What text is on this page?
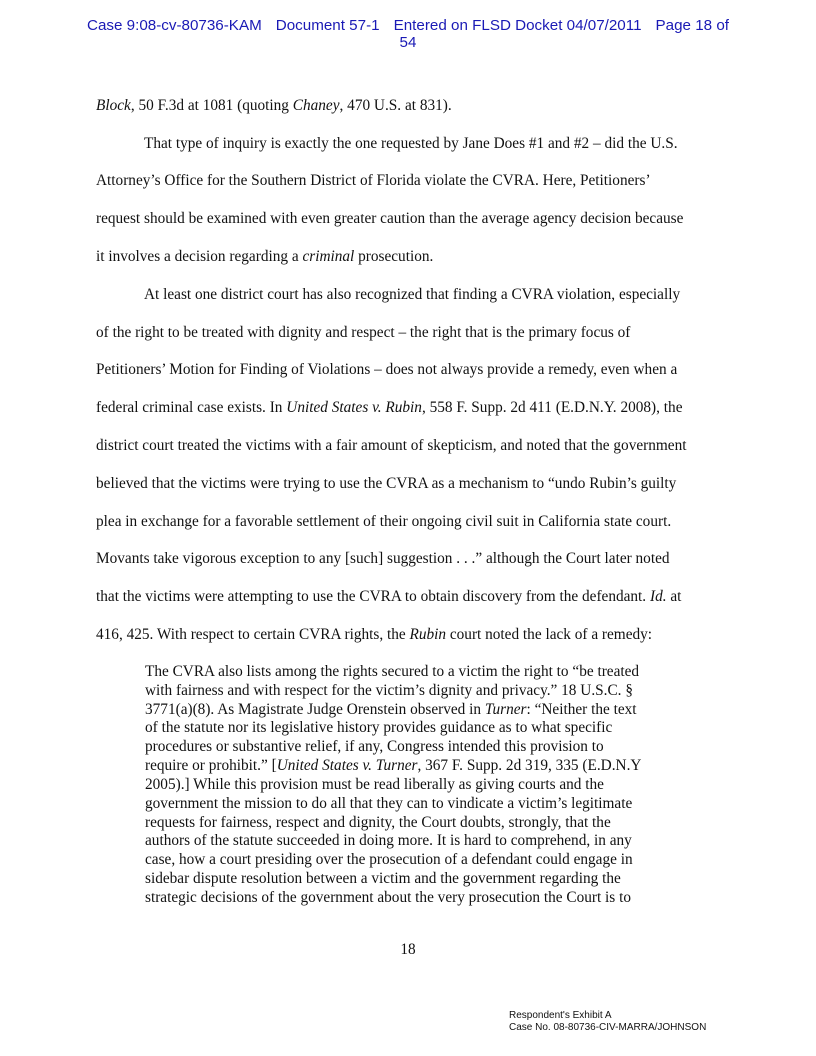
Case 9:08-cv-80736-KAM Document 57-1 Entered on FLSD Docket 04/07/2011 Page 18 of
54
Block, 50 F.3d at 1081 (quoting Chaney, 470 U.S. at 831).
That type of inquiry is exactly the one requested by Jane Does #1 and #2 – did the U.S.
Attorney’s Office for the Southern District of Florida violate the CVRA. Here, Petitioners’
request should be examined with even greater caution than the average agency decision because
it involves a decision regarding a criminal prosecution.
At least one district court has also recognized that finding a CVRA violation, especially
of the right to be treated with dignity and respect – the right that is the primary focus of
Petitioners’ Motion for Finding of Violations – does not always provide a remedy, even when a
federal criminal case exists. In United States v. Rubin, 558 F. Supp. 2d 411 (E.D.N.Y. 2008), the
district court treated the victims with a fair amount of skepticism, and noted that the government
believed that the victims were trying to use the CVRA as a mechanism to “undo Rubin’s guilty
plea in exchange for a favorable settlement of their ongoing civil suit in California state court.
Movants take vigorous exception to any [such] suggestion . . .” although the Court later noted
that the victims were attempting to use the CVRA to obtain discovery from the defendant. Id. at
416, 425. With respect to certain CVRA rights, the Rubin court noted the lack of a remedy:
The CVRA also lists among the rights secured to a victim the right to “be treated
with fairness and with respect for the victim’s dignity and privacy.” 18 U.S.C. §
3771(a)(8). As Magistrate Judge Orenstein observed in Turner: “Neither the text
of the statute nor its legislative history provides guidance as to what specific
procedures or substantive relief, if any, Congress intended this provision to
require or prohibit.” [United States v. Turner, 367 F. Supp. 2d 319, 335 (E.D.N.Y
2005).] While this provision must be read liberally as giving courts and the
government the mission to do all that they can to vindicate a victim’s legitimate
requests for fairness, respect and dignity, the Court doubts, strongly, that the
authors of the statute succeeded in doing more. It is hard to comprehend, in any
case, how a court presiding over the prosecution of a defendant could engage in
sidebar dispute resolution between a victim and the government regarding the
strategic decisions of the government about the very prosecution the Court is to
18
Respondent's Exhibit A
Case No. 08-80736-CIV-MARRA/JOHNSON
